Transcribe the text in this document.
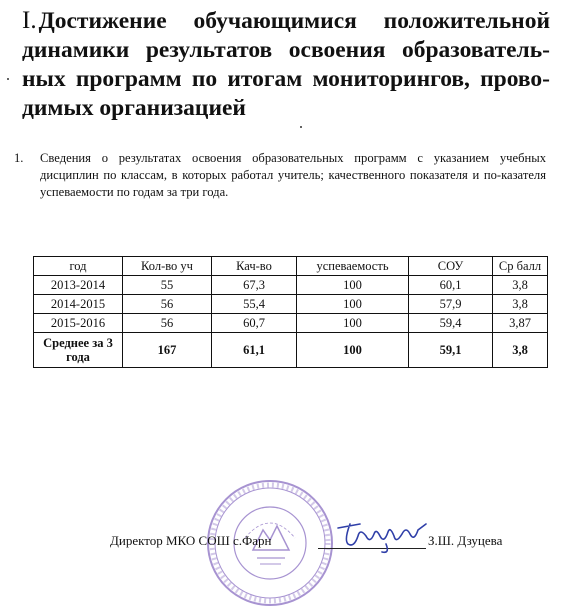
I.Достижение обучающимися положительной динамики результатов освоения образователь-ных программ по итогам мониторингов, прово-димых организацией
1. Сведения о результатах освоения образовательных программ с указанием учебных дисциплин по классам, в которых работал учитель; качественного показателя и по-казателя успеваемости по годам за три года.
год	Кол-во уч	Кач-во	успеваемость	СОУ	Ср балл
2013-2014	55	67,3	100	60,1	3,8
2014-2015	56	55,4	100	57,9	3,8
2015-2016	56	60,7	100	59,4	3,87
Среднее за 3 года	167	61,1	100	59,1	3,8
Директор МКО СОШ с.Фарн	З.Ш. Дзуцева
